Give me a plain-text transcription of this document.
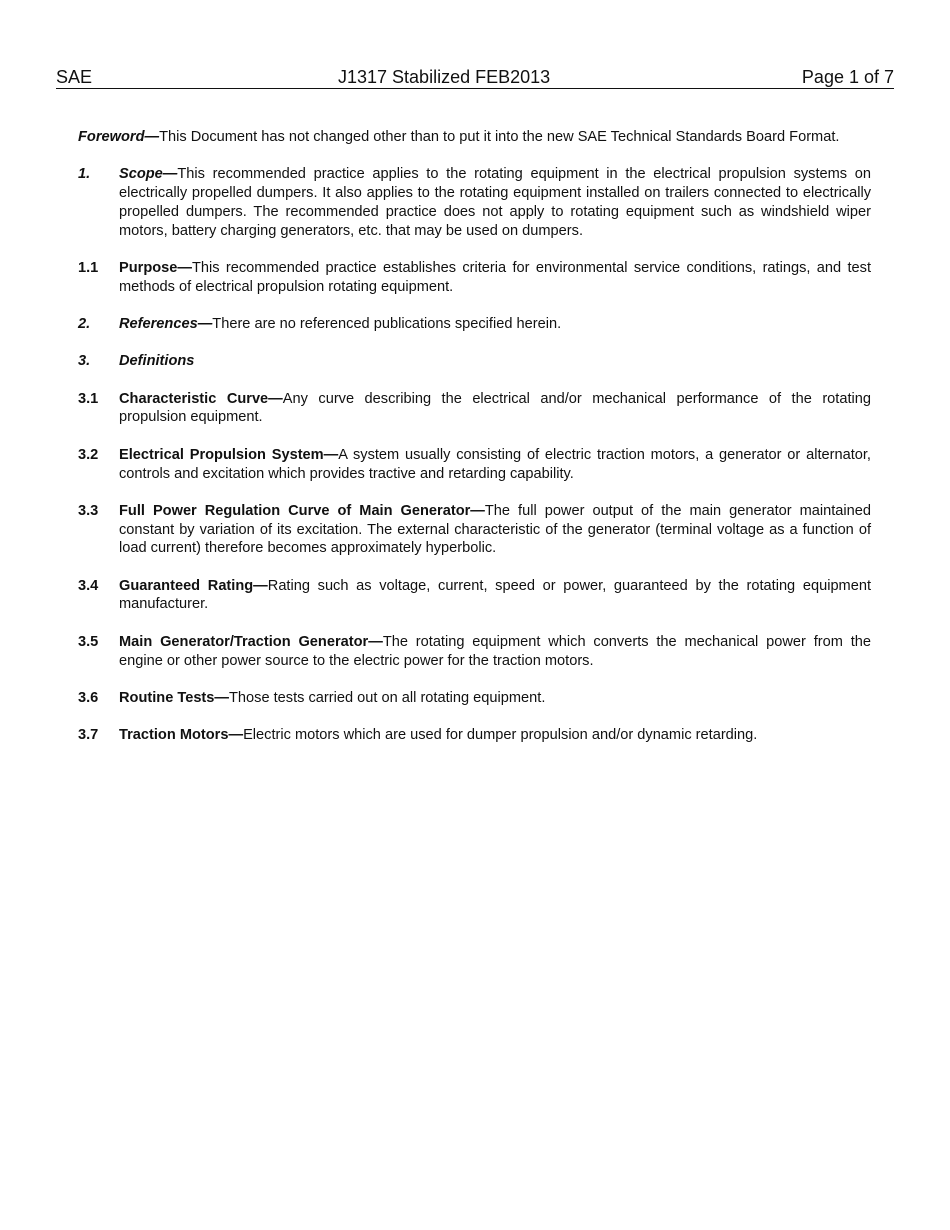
SAE	J1317 Stabilized FEB2013	Page 1 of 7

Foreword—This Document has not changed other than to put it into the new SAE Technical Standards Board Format.

1. Scope—This recommended practice applies to the rotating equipment in the electrical propulsion systems on electrically propelled dumpers. It also applies to the rotating equipment installed on trailers connected to electrically propelled dumpers. The recommended practice does not apply to rotating equipment such as windshield wiper motors, battery charging generators, etc. that may be used on dumpers.
1.1 Purpose—This recommended practice establishes criteria for environmental service conditions, ratings, and test methods of electrical propulsion rotating equipment.
2. References—There are no referenced publications specified herein.
3. Definitions
3.1 Characteristic Curve—Any curve describing the electrical and/or mechanical performance of the rotating propulsion equipment.
3.2 Electrical Propulsion System—A system usually consisting of electric traction motors, a generator or alternator, controls and excitation which provides tractive and retarding capability.
3.3 Full Power Regulation Curve of Main Generator—The full power output of the main generator maintained constant by variation of its excitation. The external characteristic of the generator (terminal voltage as a function of load current) therefore becomes approximately hyperbolic.
3.4 Guaranteed Rating—Rating such as voltage, current, speed or power, guaranteed by the rotating equipment manufacturer.
3.5 Main Generator/Traction Generator—The rotating equipment which converts the mechanical power from the engine or other power source to the electric power for the traction motors.
3.6 Routine Tests—Those tests carried out on all rotating equipment.
3.7 Traction Motors—Electric motors which are used for dumper propulsion and/or dynamic retarding.
